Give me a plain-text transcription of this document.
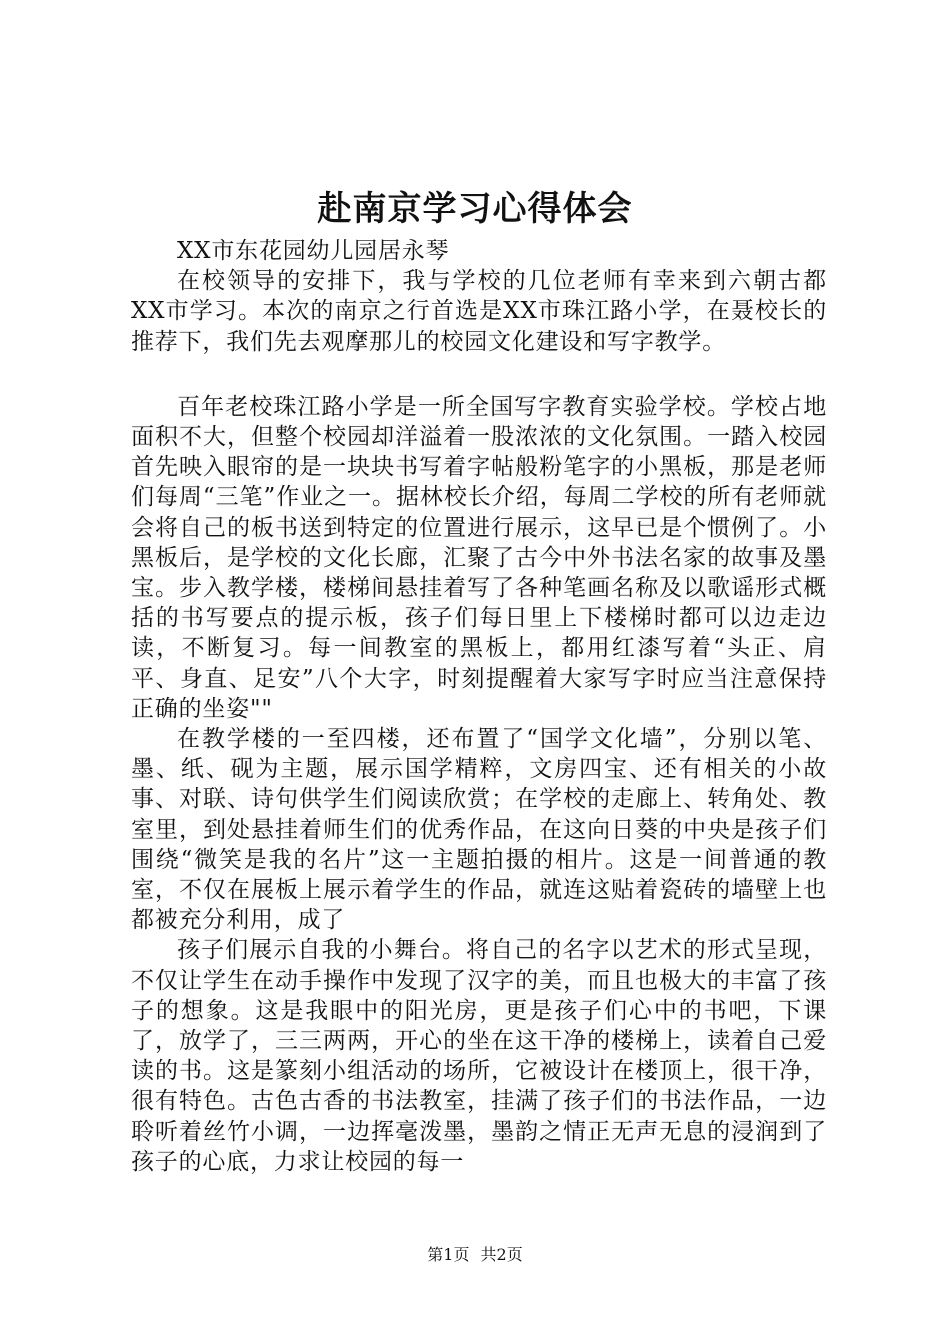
赴南京学习心得体会

XX市东花园幼儿园居永琴

在校领导的安排下，我与学校的几位老师有幸来到六朝古都XX市学习。本次的南京之行首选是XX市珠江路小学，在聂校长的推荐下，我们先去观摩那儿的校园文化建设和写字教学。

百年老校珠江路小学是一所全国写字教育实验学校。学校占地面积不大，但整个校园却洋溢着一股浓浓的文化氛围。一踏入校园首先映入眼帘的是一块块书写着字帖般粉笔字的小黑板，那是老师们每周“三笔”作业之一。据林校长介绍，每周二学校的所有老师就会将自己的板书送到特定的位置进行展示，这早已是个惯例了。小黑板后，是学校的文化长廊，汇聚了古今中外书法名家的故事及墨宝。步入教学楼，楼梯间悬挂着写了各种笔画名称及以歌谣形式概括的书写要点的提示板，孩子们每日里上下楼梯时都可以边走边读，不断复习。每一间教室的黑板上，都用红漆写着“头正、肩平、身直、足安”八个大字，时刻提醒着大家写字时应当注意保持正确的坐姿""

在教学楼的一至四楼，还布置了“国学文化墙”，分别以笔、墨、纸、砚为主题，展示国学精粹，文房四宝、还有相关的小故事、对联、诗句供学生们阅读欣赏；在学校的走廊上、转角处、教室里，到处悬挂着师生们的优秀作品，在这向日葵的中央是孩子们围绕“微笑是我的名片”这一主题拍摄的相片。这是一间普通的教室，不仅在展板上展示着学生的作品，就连这贴着瓷砖的墙壁上也都被充分利用，成了

孩子们展示自我的小舞台。将自己的名字以艺术的形式呈现，不仅让学生在动手操作中发现了汉字的美，而且也极大的丰富了孩子的想象。这是我眼中的阳光房，更是孩子们心中的书吧，下课了，放学了，三三两两，开心的坐在这干净的楼梯上，读着自己爱读的书。这是篆刻小组活动的场所，它被设计在楼顶上，很干净，很有特色。古色古香的书法教室，挂满了孩子们的书法作品，一边聆听着丝竹小调，一边挥毫泼墨，墨韵之情正无声无息的浸润到了孩子的心底，力求让校园的每一

第1页 共2页
